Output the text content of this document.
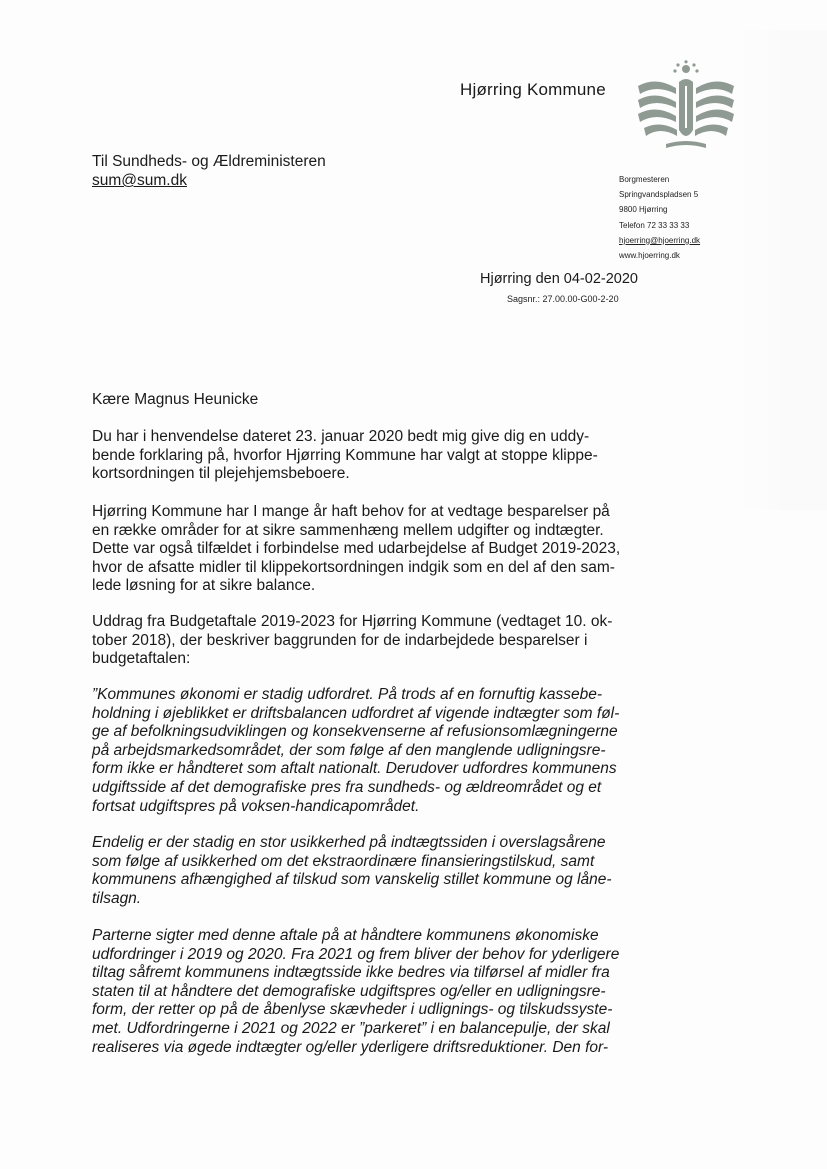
Hjørring Kommune
Til Sundheds- og Ældreministeren
sum@sum.dk	Borgmesteren
Springvandspladsen 5
9800 Hjørring
Telefon 72 33 33 33
hjoerring@hjoerring.dk
www.hjoerring.dk
Hjørring den 04-02-2020
Sagsnr.: 27.00.00-G00-2-20
Kære Magnus Heunicke

Du har i henvendelse dateret 23. januar 2020 bedt mig give dig en uddy-
bende forklaring på, hvorfor Hjørring Kommune har valgt at stoppe klippe-
kortsordningen til plejehjemsbeboere.

Hjørring Kommune har I mange år haft behov for at vedtage besparelser på
en række områder for at sikre sammenhæng mellem udgifter og indtægter.
Dette var også tilfældet i forbindelse med udarbejdelse af Budget 2019-2023,
hvor de afsatte midler til klippekortsordningen indgik som en del af den sam-
lede løsning for at sikre balance.

Uddrag fra Budgetaftale 2019-2023 for Hjørring Kommune (vedtaget 10. ok-
tober 2018), der beskriver baggrunden for de indarbejdede besparelser i
budgetaftalen:

”Kommunes økonomi er stadig udfordret. På trods af en fornuftig kassebe-
holdning i øjeblikket er driftsbalancen udfordret af vigende indtægter som føl-
ge af befolkningsudviklingen og konsekvenserne af refusionsomlægningerne
på arbejdsmarkedsområdet, der som følge af den manglende udligningsre-
form ikke er håndteret som aftalt nationalt. Derudover udfordres kommunens
udgiftsside af det demografiske pres fra sundheds- og ældreområdet og et
fortsat udgiftspres på voksen-handicapområdet.

Endelig er der stadig en stor usikkerhed på indtægtssiden i overslagsårene
som følge af usikkerhed om det ekstraordinære finansieringstilskud, samt
kommunens afhængighed af tilskud som vanskelig stillet kommune og låne-
tilsagn.

Parterne sigter med denne aftale på at håndtere kommunens økonomiske
udfordringer i 2019 og 2020. Fra 2021 og frem bliver der behov for yderligere
tiltag såfremt kommunens indtægtsside ikke bedres via tilførsel af midler fra
staten til at håndtere det demografiske udgiftspres og/eller en udligningsre-
form, der retter op på de åbenlyse skævheder i udlignings- og tilskudssyste-
met. Udfordringerne i 2021 og 2022 er ”parkeret” i en balancepulje, der skal
realiseres via øgede indtægter og/eller yderligere driftsreduktioner. Den for-
